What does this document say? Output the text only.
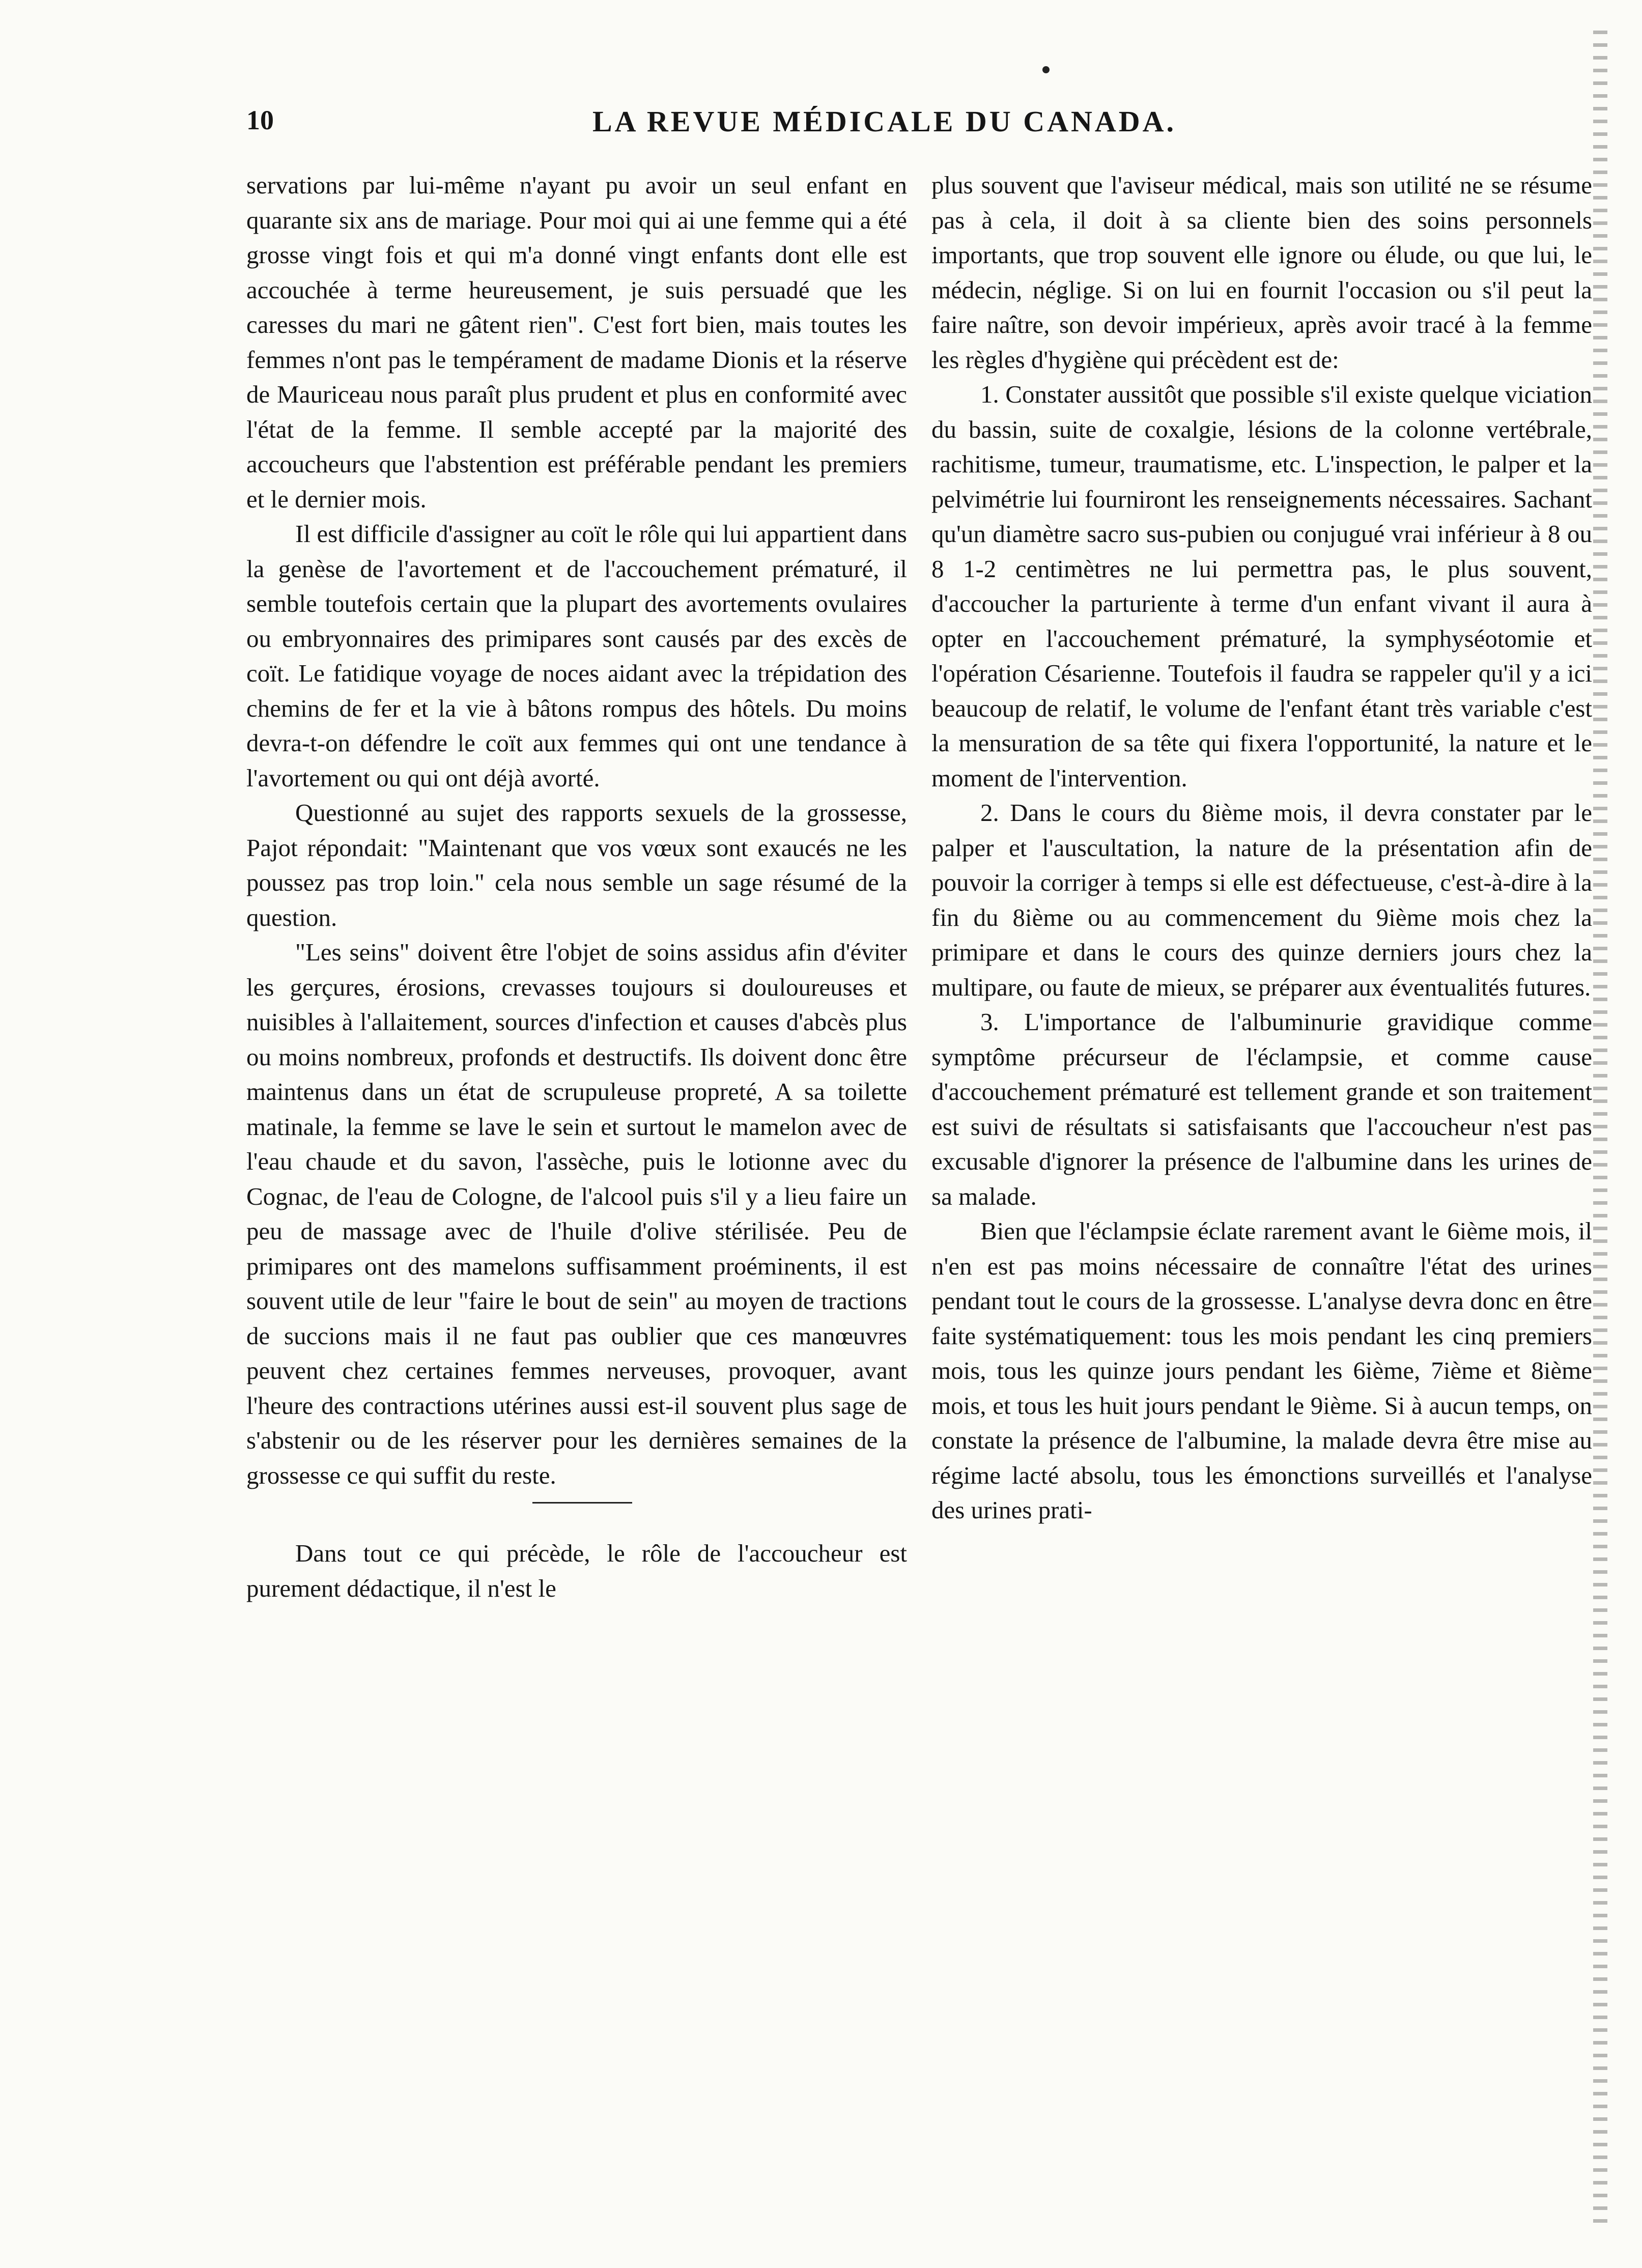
10	LA REVUE MÉDICALE DU CANADA.

servations par lui-même n'ayant pu avoir un seul enfant en quarante six ans de mariage. Pour moi qui ai une femme qui a été grosse vingt fois et qui m'a donné vingt enfants dont elle est accouchée à terme heureusement, je suis persuadé que les caresses du mari ne gâtent rien". C'est fort bien, mais toutes les femmes n'ont pas le tempérament de madame Dionis et la réserve de Mauriceau nous paraît plus prudent et plus en conformité avec l'état de la femme. Il semble accepté par la majorité des accoucheurs que l'abstention est préférable pendant les premiers et le dernier mois.

Il est difficile d'assigner au coït le rôle qui lui appartient dans la genèse de l'avortement et de l'accouchement prématuré, il semble toutefois certain que la plupart des avortements ovulaires ou embryonnaires des primipares sont causés par des excès de coït. Le fatidique voyage de noces aidant avec la trépidation des chemins de fer et la vie à bâtons rompus des hôtels. Du moins devra-t-on défendre le coït aux femmes qui ont une tendance à l'avortement ou qui ont déjà avorté.

Questionné au sujet des rapports sexuels de la grossesse, Pajot répondait: "Maintenant que vos vœux sont exaucés ne les poussez pas trop loin." cela nous semble un sage résumé de la question.

"Les seins" doivent être l'objet de soins assidus afin d'éviter les gerçures, érosions, crevasses toujours si douloureuses et nuisibles à l'allaitement, sources d'infection et causes d'abcès plus ou moins nombreux, profonds et destructifs. Ils doivent donc être maintenus dans un état de scrupuleuse propreté, A sa toilette matinale, la femme se lave le sein et surtout le mamelon avec de l'eau chaude et du savon, l'assèche, puis le lotionne avec du Cognac, de l'eau de Cologne, de l'alcool puis s'il y a lieu faire un peu de massage avec de l'huile d'olive stérilisée. Peu de primipares ont des mamelons suffisamment proéminents, il est souvent utile de leur "faire le bout de sein" au moyen de tractions de succions mais il ne faut pas oublier que ces manœuvres peuvent chez certaines femmes nerveuses, provoquer, avant l'heure des contractions utérines aussi est-il souvent plus sage de s'abstenir ou de les réserver pour les dernières semaines de la grossesse ce qui suffit du reste.

Dans tout ce qui précède, le rôle de l'accoucheur est purement dédactique, il n'est le

plus souvent que l'aviseur médical, mais son utilité ne se résume pas à cela, il doit à sa cliente bien des soins personnels importants, que trop souvent elle ignore ou élude, ou que lui, le médecin, néglige. Si on lui en fournit l'occasion ou s'il peut la faire naître, son devoir impérieux, après avoir tracé à la femme les règles d'hygiène qui précèdent est de:

1. Constater aussitôt que possible s'il existe quelque viciation du bassin, suite de coxalgie, lésions de la colonne vertébrale, rachitisme, tumeur, traumatisme, etc. L'inspection, le palper et la pelvimétrie lui fourniront les renseignements nécessaires. Sachant qu'un diamètre sacro sus-pubien ou conjugué vrai inférieur à 8 ou 8 1-2 centimètres ne lui permettra pas, le plus souvent, d'accoucher la parturiente à terme d'un enfant vivant il aura à opter en l'accouchement prématuré, la symphyséotomie et l'opération Césarienne. Toutefois il faudra se rappeler qu'il y a ici beaucoup de relatif, le volume de l'enfant étant très variable c'est la mensuration de sa tête qui fixera l'opportunité, la nature et le moment de l'intervention.

2. Dans le cours du 8ième mois, il devra constater par le palper et l'auscultation, la nature de la présentation afin de pouvoir la corriger à temps si elle est défectueuse, c'est-à-dire à la fin du 8ième ou au commencement du 9ième mois chez la primipare et dans le cours des quinze derniers jours chez la multipare, ou faute de mieux, se préparer aux éventualités futures.

3. L'importance de l'albuminurie gravidique comme symptôme précurseur de l'éclampsie, et comme cause d'accouchement prématuré est tellement grande et son traitement est suivi de résultats si satisfaisants que l'accoucheur n'est pas excusable d'ignorer la présence de l'albumine dans les urines de sa malade.

Bien que l'éclampsie éclate rarement avant le 6ième mois, il n'en est pas moins nécessaire de connaître l'état des urines pendant tout le cours de la grossesse. L'analyse devra donc en être faite systématiquement: tous les mois pendant les cinq premiers mois, tous les quinze jours pendant les 6ième, 7ième et 8ième mois, et tous les huit jours pendant le 9ième. Si à aucun temps, on constate la présence de l'albumine, la malade devra être mise au régime lacté absolu, tous les émonctions surveillés et l'analyse des urines prati-
